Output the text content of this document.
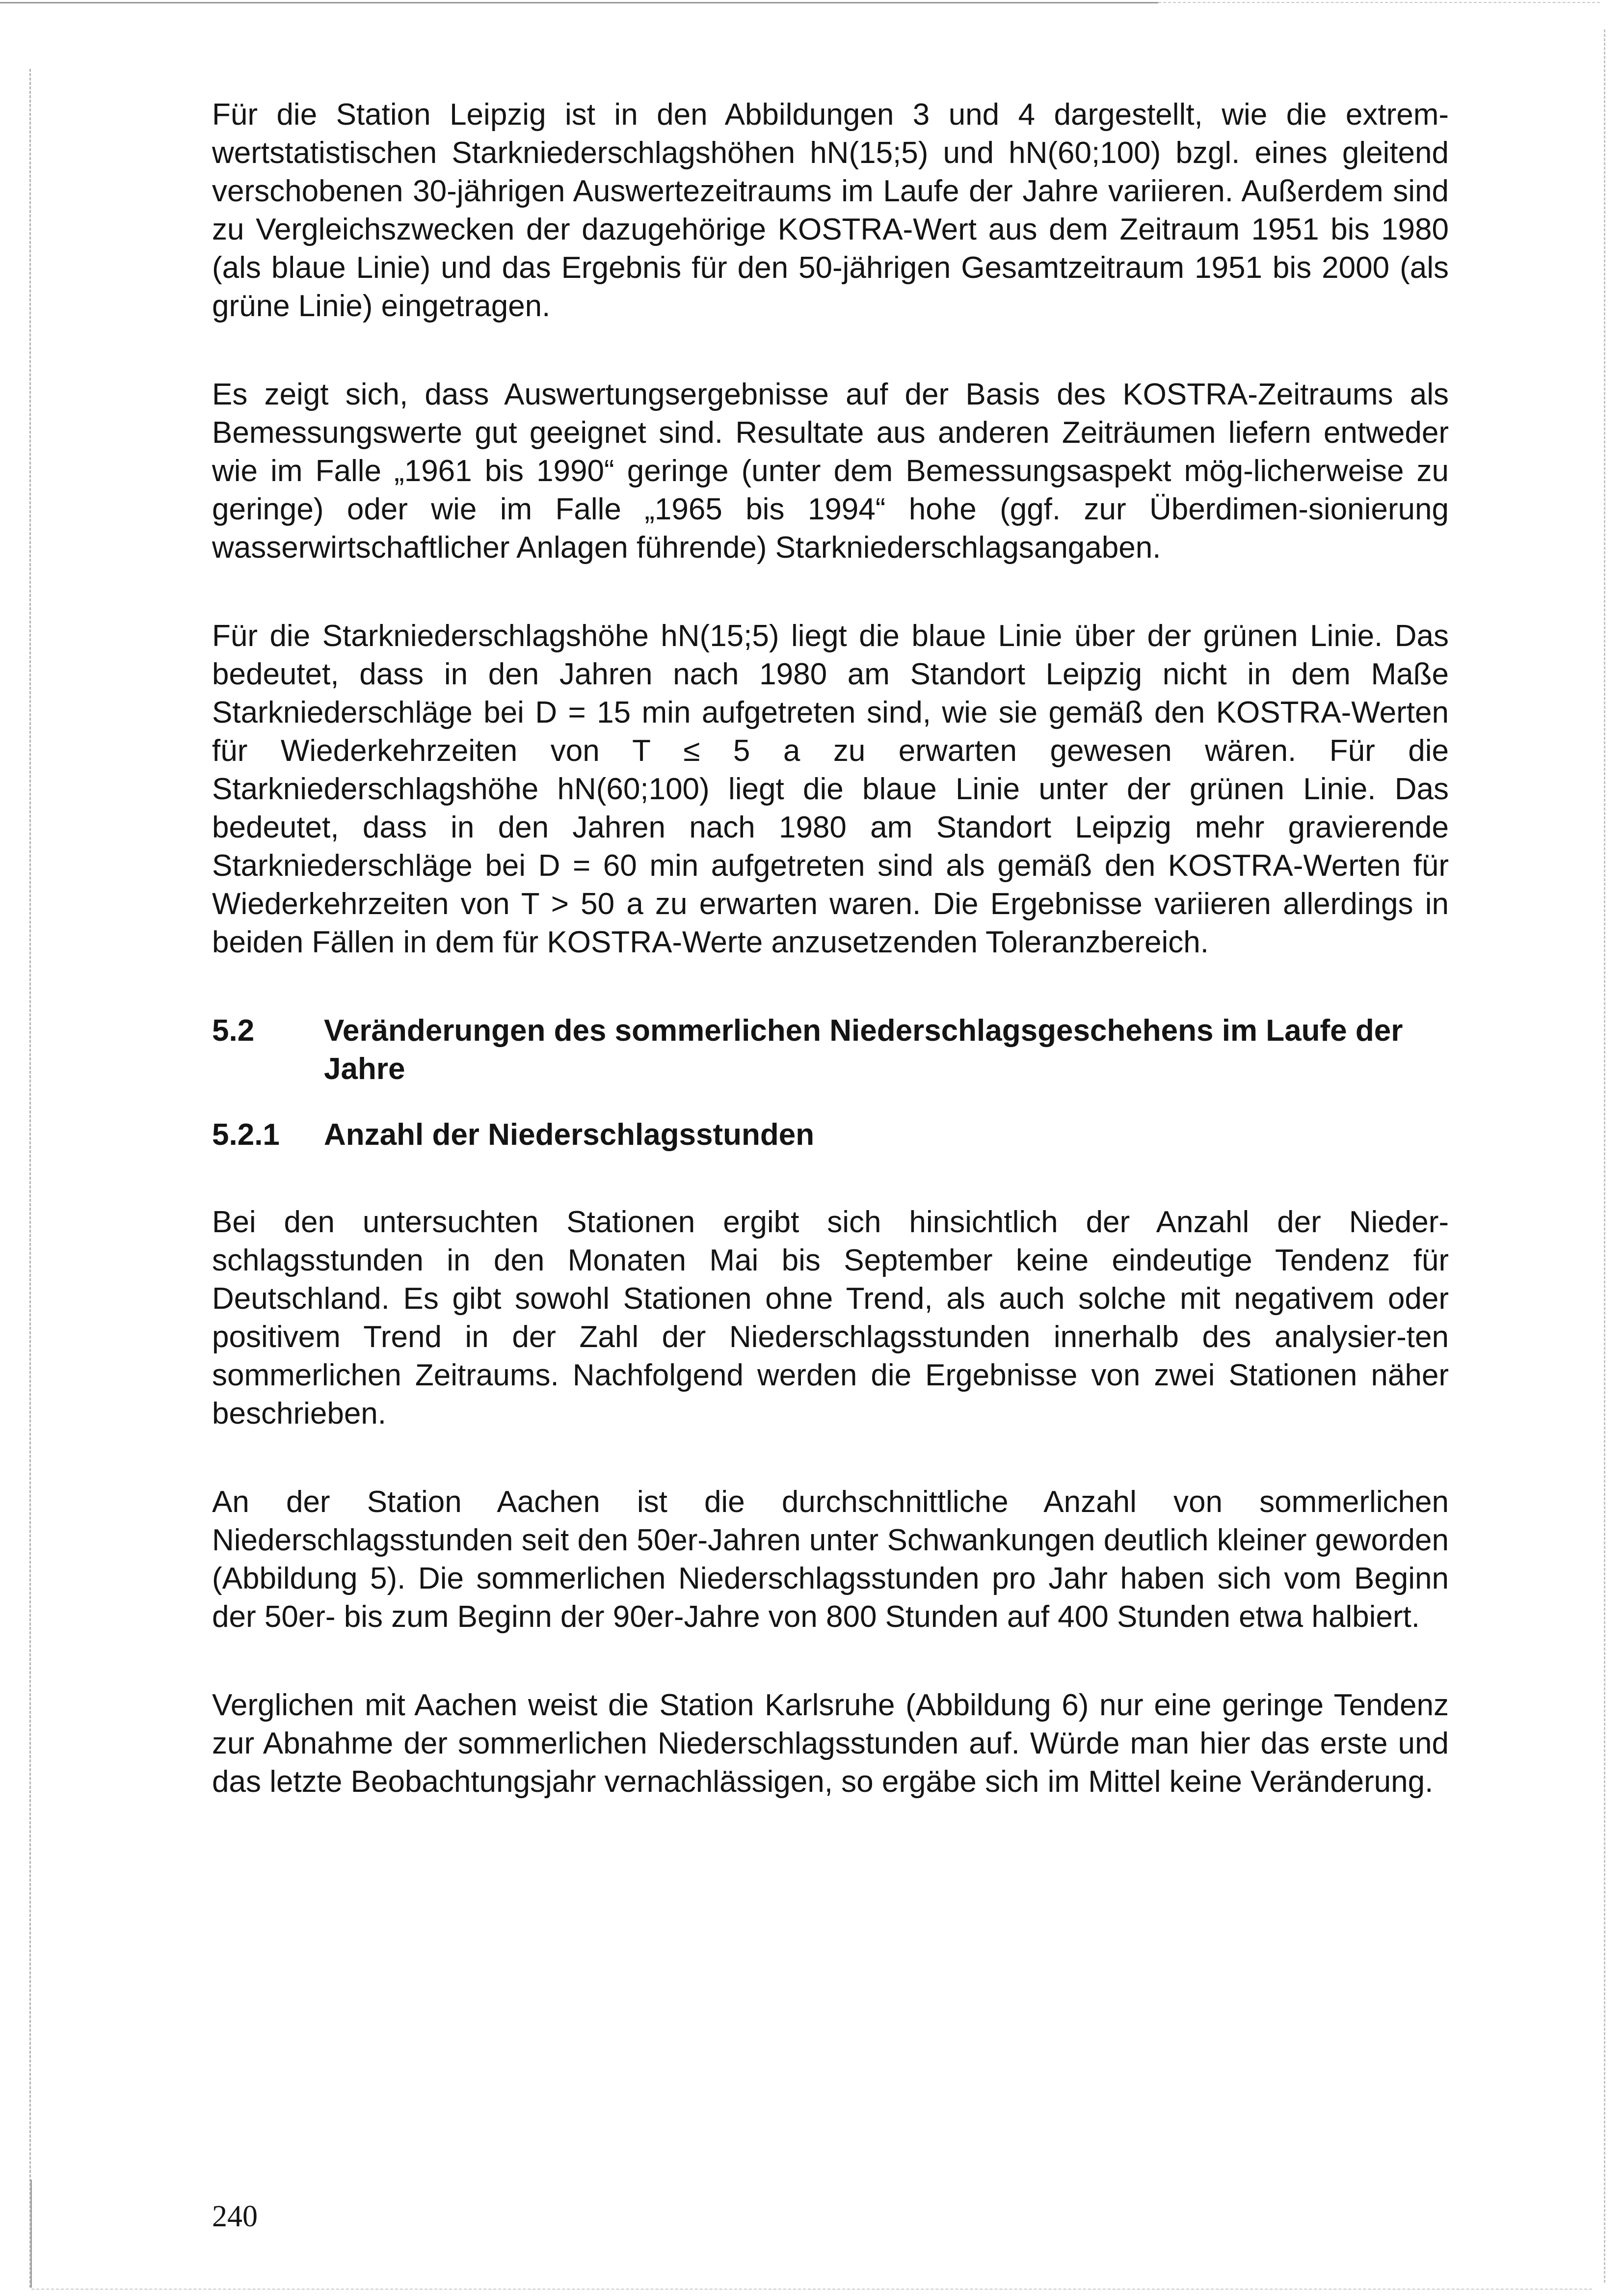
Für die Station Leipzig ist in den Abbildungen 3 und 4 dargestellt, wie die extrem-wertstatistischen Starkniederschlagshöhen hN(15;5) und hN(60;100) bzgl. eines gleitend verschobenen 30-jährigen Auswertezeitraums im Laufe der Jahre variieren. Außerdem sind zu Vergleichszwecken der dazugehörige KOSTRA-Wert aus dem Zeitraum 1951 bis 1980 (als blaue Linie) und das Ergebnis für den 50-jährigen Gesamtzeitraum 1951 bis 2000 (als grüne Linie) eingetragen.

Es zeigt sich, dass Auswertungsergebnisse auf der Basis des KOSTRA-Zeitraums als Bemessungswerte gut geeignet sind. Resultate aus anderen Zeiträumen liefern entweder wie im Falle „1961 bis 1990“ geringe (unter dem Bemessungsaspekt mög-licherweise zu geringe) oder wie im Falle „1965 bis 1994“ hohe (ggf. zur Überdimen-sionierung wasserwirtschaftlicher Anlagen führende) Starkniederschlagsangaben.

Für die Starkniederschlagshöhe hN(15;5) liegt die blaue Linie über der grünen Linie. Das bedeutet, dass in den Jahren nach 1980 am Standort Leipzig nicht in dem Maße Starkniederschläge bei D = 15 min aufgetreten sind, wie sie gemäß den KOSTRA-Werten für Wiederkehrzeiten von T ≤ 5 a zu erwarten gewesen wären. Für die Starkniederschlagshöhe hN(60;100) liegt die blaue Linie unter der grünen Linie. Das bedeutet, dass in den Jahren nach 1980 am Standort Leipzig mehr gravierende Starkniederschläge bei D = 60 min aufgetreten sind als gemäß den KOSTRA-Werten für Wiederkehrzeiten von T > 50 a zu erwarten waren. Die Ergebnisse variieren allerdings in beiden Fällen in dem für KOSTRA-Werte anzusetzenden Toleranzbereich.

5.2	Veränderungen des sommerlichen Niederschlagsgeschehens im Laufe der Jahre
5.2.1	Anzahl der Niederschlagsstunden

Bei den untersuchten Stationen ergibt sich hinsichtlich der Anzahl der Nieder-schlagsstunden in den Monaten Mai bis September keine eindeutige Tendenz für Deutschland. Es gibt sowohl Stationen ohne Trend, als auch solche mit negativem oder positivem Trend in der Zahl der Niederschlagsstunden innerhalb des analysier-ten sommerlichen Zeitraums. Nachfolgend werden die Ergebnisse von zwei Stationen näher beschrieben.

An der Station Aachen ist die durchschnittliche Anzahl von sommerlichen Niederschlagsstunden seit den 50er-Jahren unter Schwankungen deutlich kleiner geworden (Abbildung 5). Die sommerlichen Niederschlagsstunden pro Jahr haben sich vom Beginn der 50er- bis zum Beginn der 90er-Jahre von 800 Stunden auf 400 Stunden etwa halbiert.

Verglichen mit Aachen weist die Station Karlsruhe (Abbildung 6) nur eine geringe Tendenz zur Abnahme der sommerlichen Niederschlagsstunden auf. Würde man hier das erste und das letzte Beobachtungsjahr vernachlässigen, so ergäbe sich im Mittel keine Veränderung.

240
